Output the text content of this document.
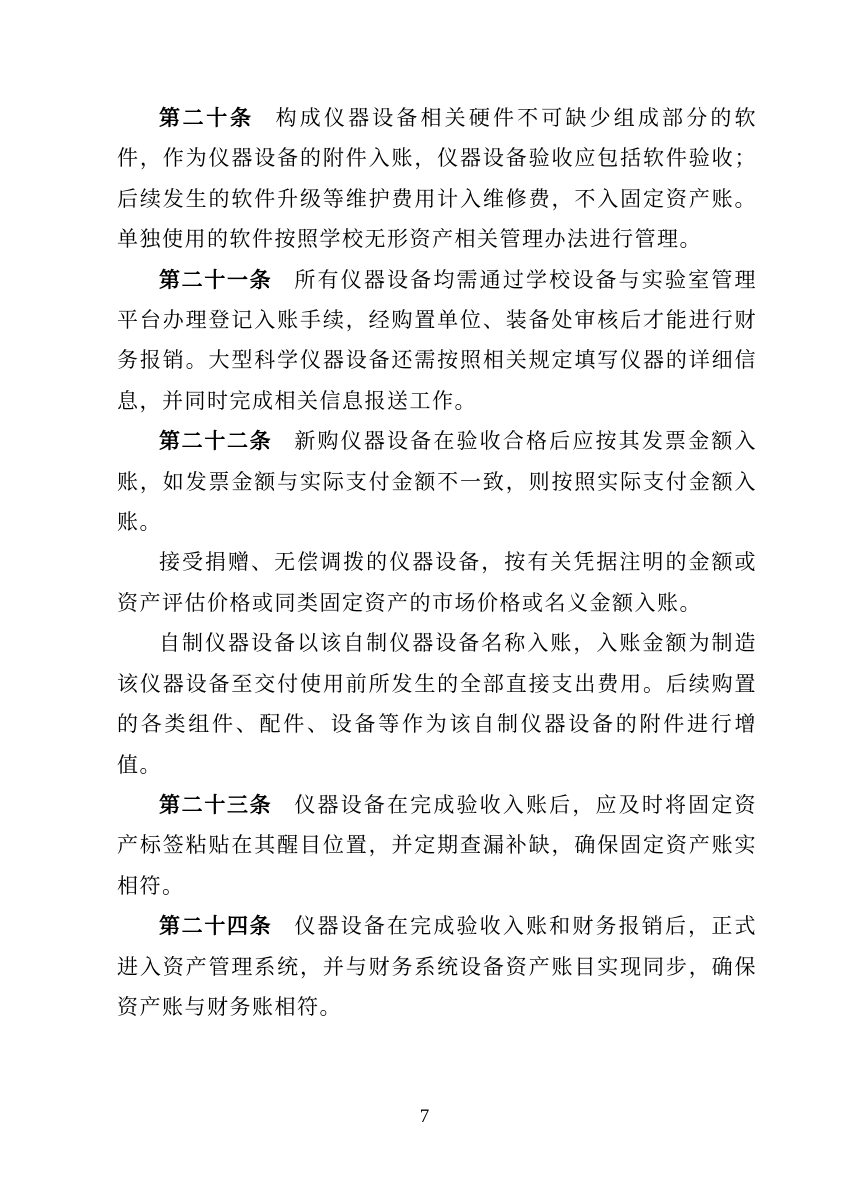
第二十条 构成仪器设备相关硬件不可缺少组成部分的软件，作为仪器设备的附件入账，仪器设备验收应包括软件验收；后续发生的软件升级等维护费用计入维修费，不入固定资产账。单独使用的软件按照学校无形资产相关管理办法进行管理。

第二十一条 所有仪器设备均需通过学校设备与实验室管理平台办理登记入账手续，经购置单位、装备处审核后才能进行财务报销。大型科学仪器设备还需按照相关规定填写仪器的详细信息，并同时完成相关信息报送工作。

第二十二条 新购仪器设备在验收合格后应按其发票金额入账，如发票金额与实际支付金额不一致，则按照实际支付金额入账。

接受捐赠、无偿调拨的仪器设备，按有关凭据注明的金额或资产评估价格或同类固定资产的市场价格或名义金额入账。

自制仪器设备以该自制仪器设备名称入账，入账金额为制造该仪器设备至交付使用前所发生的全部直接支出费用。后续购置的各类组件、配件、设备等作为该自制仪器设备的附件进行增值。

第二十三条 仪器设备在完成验收入账后，应及时将固定资产标签粘贴在其醒目位置，并定期查漏补缺，确保固定资产账实相符。

第二十四条 仪器设备在完成验收入账和财务报销后，正式进入资产管理系统，并与财务系统设备资产账目实现同步，确保资产账与财务账相符。

7
